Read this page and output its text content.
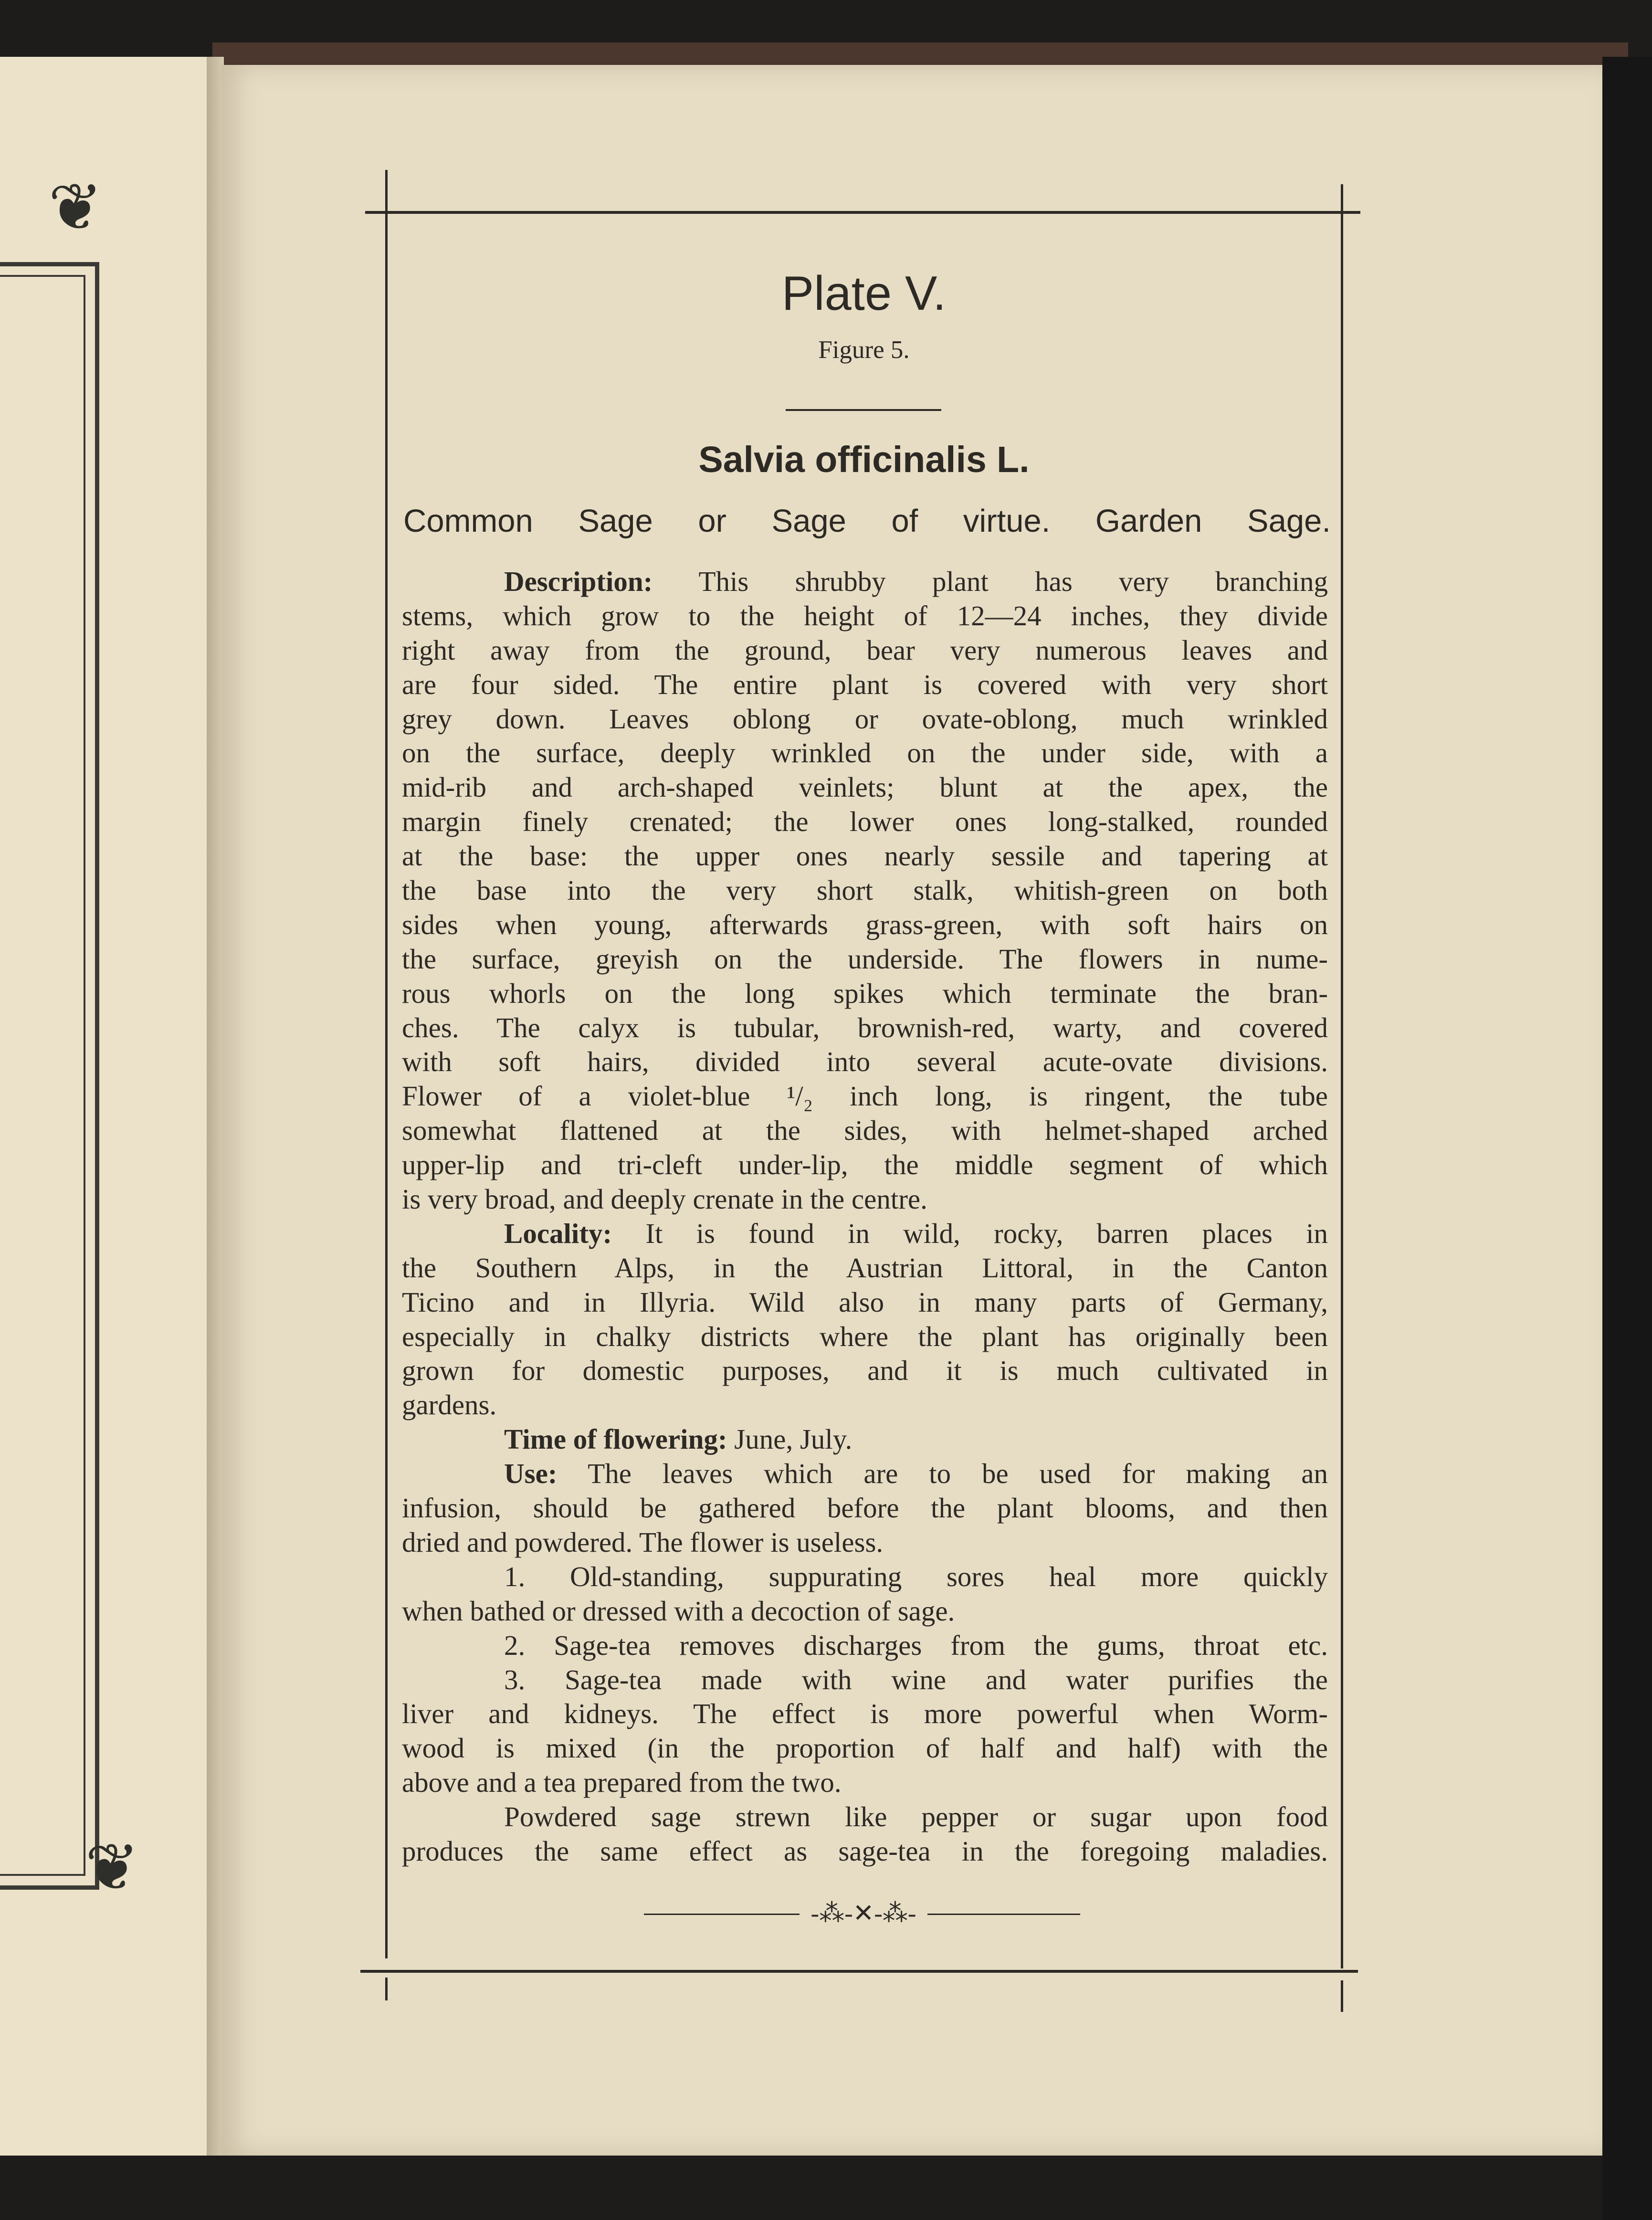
❦
❦
Plate V.
Figure 5.
Salvia officinalis L.
Common Sage or Sage of virtue. Garden Sage.
Description: This shrubby plant has very branching
stems, which grow to the height of 12—24 inches, they divide
right away from the ground, bear very numerous leaves and
are four sided. The entire plant is covered with very short
grey down. Leaves oblong or ovate-oblong, much wrinkled
on the surface, deeply wrinkled on the under side, with a
mid-rib and arch-shaped veinlets; blunt at the apex, the
margin finely crenated; the lower ones long-stalked, rounded
at the base: the upper ones nearly sessile and tapering at
the base into the very short stalk, whitish-green on both
sides when young, afterwards grass-green, with soft hairs on
the surface, greyish on the underside. The flowers in nume-
rous whorls on the long spikes which terminate the bran-
ches. The calyx is tubular, brownish-red, warty, and covered
with soft hairs, divided into several acute-ovate divisions.
Flower of a violet-blue ¹/₂ inch long, is ringent, the tube
somewhat flattened at the sides, with helmet-shaped arched
upper-lip and tri-cleft under-lip, the middle segment of which
is very broad, and deeply crenate in the centre.
Locality: It is found in wild, rocky, barren places in
the Southern Alps, in the Austrian Littoral, in the Canton
Ticino and in Illyria. Wild also in many parts of Germany,
especially in chalky districts where the plant has originally been
grown for domestic purposes, and it is much cultivated in
gardens.
Time of flowering: June, July.
Use: The leaves which are to be used for making an
infusion, should be gathered before the plant blooms, and then
dried and powdered. The flower is useless.
1. Old-standing, suppurating sores heal more quickly
when bathed or dressed with a decoction of sage.
2. Sage-tea removes discharges from the gums, throat etc.
3. Sage-tea made with wine and water purifies the
liver and kidneys. The effect is more powerful when Worm-
wood is mixed (in the proportion of half and half) with the
above and a tea prepared from the two.
Powdered sage strewn like pepper or sugar upon food
produces the same effect as sage-tea in the foregoing maladies.
-⁂-✕-⁂-
